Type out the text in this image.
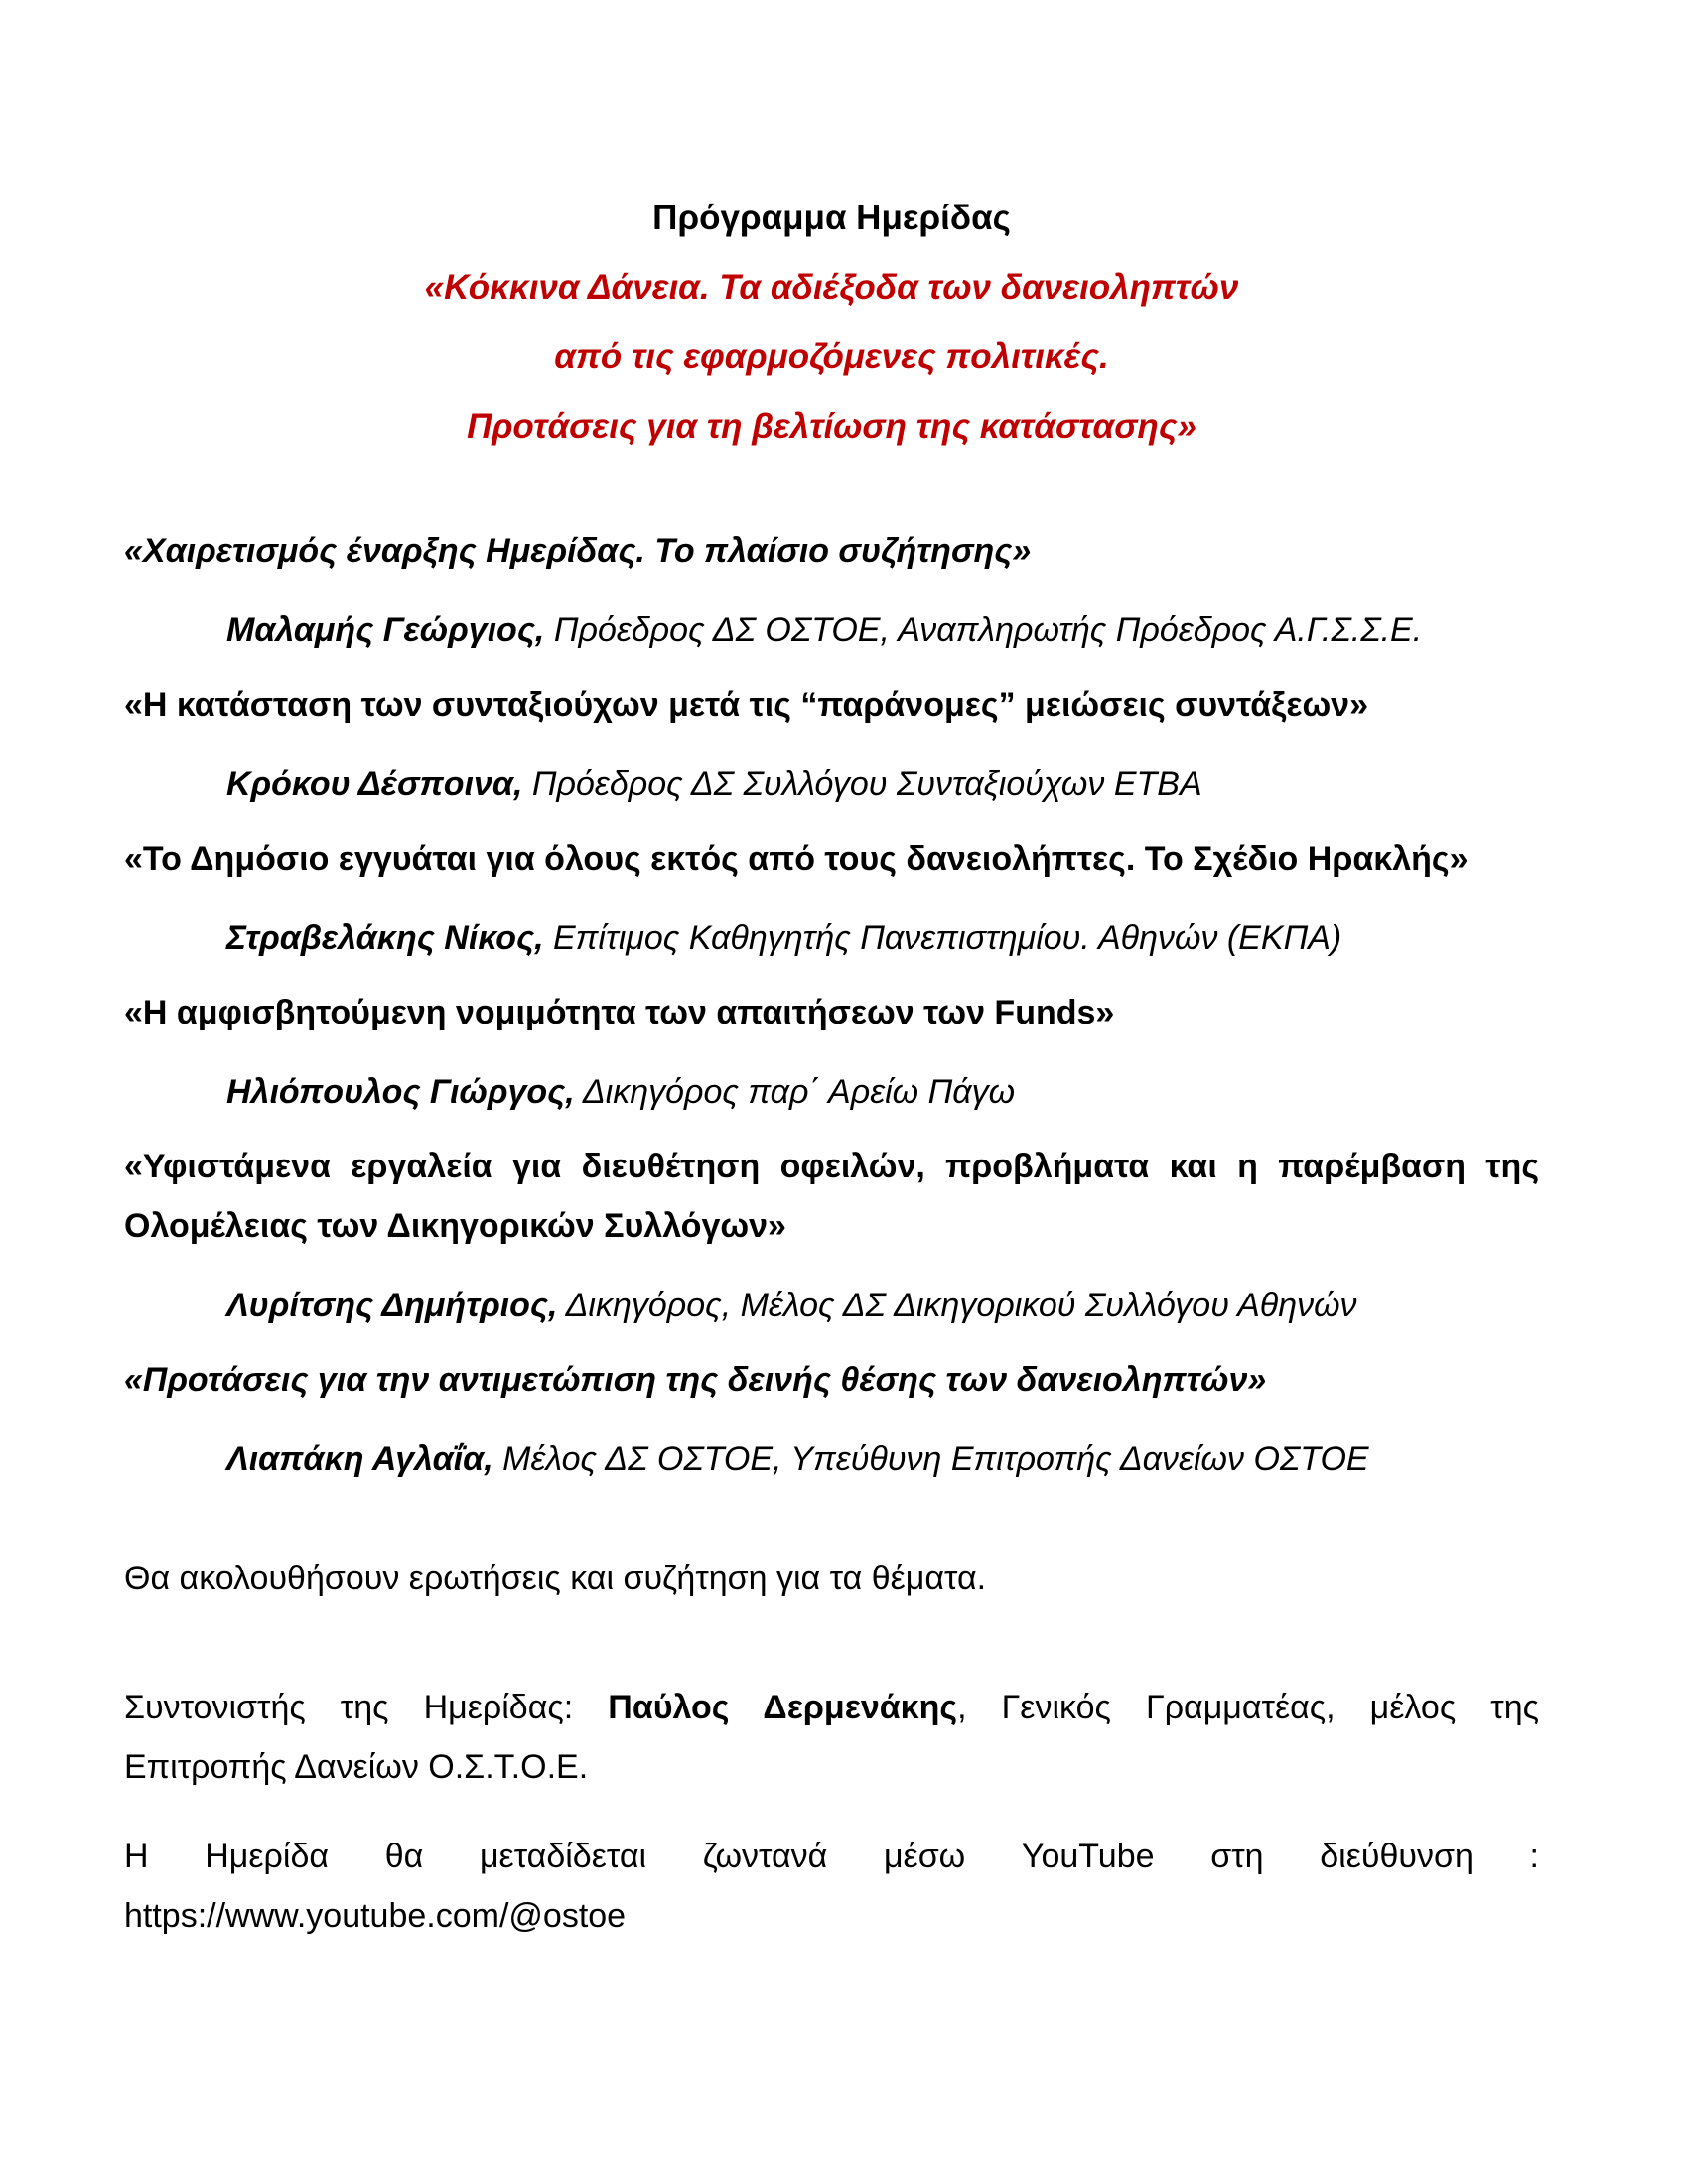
Πρόγραμμα Ημερίδας
«Κόκκινα Δάνεια. Τα αδιέξοδα των δανειοληπτών
από τις εφαρμοζόμενες πολιτικές.
Προτάσεις για τη βελτίωση της κατάστασης»
«Χαιρετισμός έναρξης Ημερίδας. Το πλαίσιο συζήτησης»
Μαλαμής Γεώργιος, Πρόεδρος ΔΣ ΟΣΤΟΕ, Αναπληρωτής Πρόεδρος Α.Γ.Σ.Σ.Ε.
«Η κατάσταση των συνταξιούχων μετά τις “παράνομες” μειώσεις συντάξεων»
Κρόκου Δέσποινα, Πρόεδρος ΔΣ Συλλόγου Συνταξιούχων ΕΤΒΑ
«Το Δημόσιο εγγυάται για όλους εκτός από τους δανειολήπτες. Το Σχέδιο Ηρακλής»
Στραβελάκης Νίκος, Επίτιμος Καθηγητής Πανεπιστημίου. Αθηνών (ΕΚΠΑ)
«Η αμφισβητούμενη νομιμότητα των απαιτήσεων των Funds»
Ηλιόπουλος Γιώργος, Δικηγόρος παρ΄ Αρείω Πάγω
«Υφιστάμενα εργαλεία για διευθέτηση οφειλών, προβλήματα και η παρέμβαση της
Ολομέλειας των Δικηγορικών Συλλόγων»
Λυρίτσης Δημήτριος, Δικηγόρος, Μέλος ΔΣ Δικηγορικού Συλλόγου Αθηνών
«Προτάσεις για την αντιμετώπιση της δεινής θέσης των δανειοληπτών»
Λιαπάκη Αγλαΐα, Μέλος ΔΣ ΟΣΤΟΕ, Υπεύθυνη Επιτροπής Δανείων ΟΣΤΟΕ
Θα ακολουθήσουν ερωτήσεις και συζήτηση για τα θέματα.
Συντονιστής της Ημερίδας: Παύλος Δερμενάκης, Γενικός Γραμματέας, μέλος της
Επιτροπής Δανείων Ο.Σ.Τ.Ο.Ε.
Η Ημερίδα θα μεταδίδεται ζωντανά μέσω YouTube στη διεύθυνση :
https://www.youtube.com/@ostoe
